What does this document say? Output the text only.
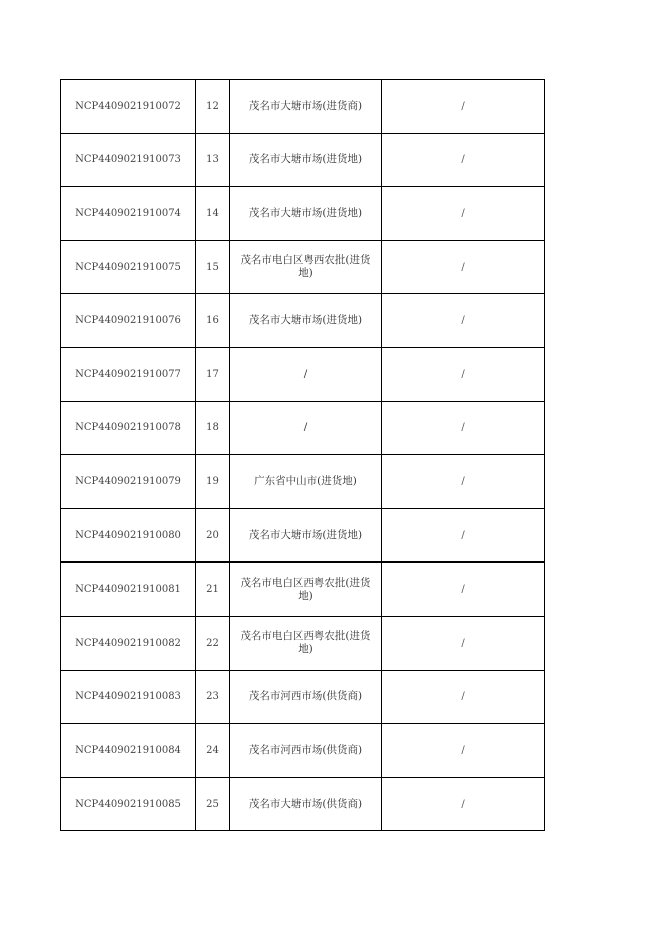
NCP4409021910072	12	茂名市大塘市场(进货商)	/
NCP4409021910073	13	茂名市大塘市场(进货地)	/
NCP4409021910074	14	茂名市大塘市场(进货地)	/
NCP4409021910075	15	茂名市电白区粤西农批(进货地)	/
NCP4409021910076	16	茂名市大塘市场(进货地)	/
NCP4409021910077	17	/	/
NCP4409021910078	18	/	/
NCP4409021910079	19	广东省中山市(进货地)	/
NCP4409021910080	20	茂名市大塘市场(进货地)	/
NCP4409021910081	21	茂名市电白区西粤农批(进货地)	/
NCP4409021910082	22	茂名市电白区西粤农批(进货地)	/
NCP4409021910083	23	茂名市河西市场(供货商)	/
NCP4409021910084	24	茂名市河西市场(供货商)	/
NCP4409021910085	25	茂名市大塘市场(供货商)	/
